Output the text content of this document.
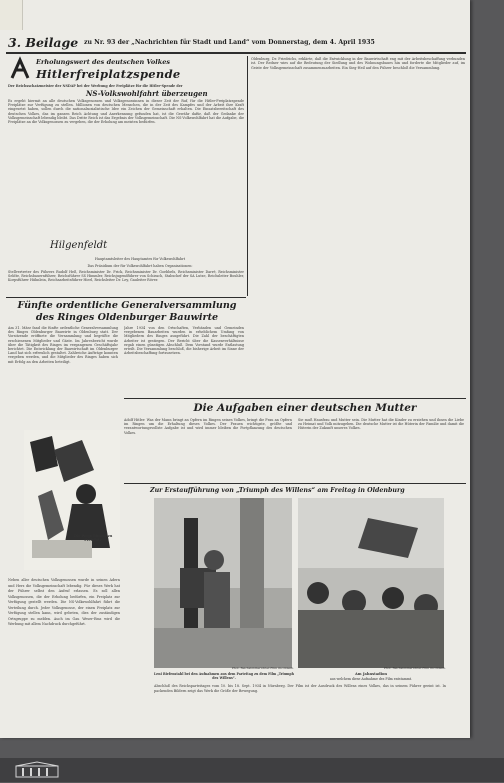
3. Beilage zu Nr. 93 der „Nachrichten für Stadt und Land“ vom Donnerstag, dem 4. April 1935
Erholungswert des deutschen Volkes
Hitlerfreiplatzspende
Der Reichsschatzmeister der NSDAP bei der Werbung der Freiplätze für die Hitler-Spende der
NS-Volkswohlfahrt überzeugen
Es ergeht hiermit an alle deutschen Volksgenossen und Volksgenossinnen in dieser Zeit der Ruf, für die Hitler-Freiplatzspende Freiplätze zur Verfügung zu stellen. Millionen von deutschen Menschen, die in der Zeit des Kampfes und der Arbeit ihre Kraft eingesetzt haben, sollen durch die nationalsozialistische Idee ein Zeichen der Gemeinschaft erhalten. Die Einsatzbereitschaft des deutschen Volkes, das im ganzen Reich Achtung und Anerkennung gefunden hat, ist die Gewähr dafür, daß der Gedanke der Volksgemeinschaft lebendig bleibt. Das Dritte Reich ist das Ergebnis der Volksgemeinschaft. Die NS-Volkswohlfahrt hat die Aufgabe, die Freiplätze an die Volksgenossen zu vergeben, die der Erholung am meisten bedürfen.
Hilgenfeldt
Hauptamtsleiter des Hauptamtes für Volkswohlfahrt
Das Präsidium der für Volkswohlfahrt haben Organisationen:
Stellvertreter des Führers Rudolf Heß, Reichsminister Dr. Frick, Reichsminister Dr. Goebbels, Reichsminister Darré, Reichsminister Seldte, Reichsbauernführer, Reichsführer SS Himmler, Reichsjugendführer von Schirach, Stabschef der SA Lutze, Reichsleiter Bouhler, Korpsführer Hühnlein, Reichsarbeitsführer Hierl, Reichsleiter Dr. Ley, Gauleiter Röver.
Oldenburg, Dr. Friedrichs, erklärte, daß die Entwicklung in der Bauwirtschaft eng mit der Arbeitsbeschaffung verbunden ist. Der Redner wies auf die Bedeutung der Siedlung und des Wohnungsbaues hin und forderte die Mitglieder auf, im Geiste der Volksgemeinschaft zusammenzuarbeiten. Ein Sieg-Heil auf den Führer beschloß die Versammlung.
Fünfte ordentliche Generalversammlung des Ringes Oldenburger Bauwirte
Am 31. März fand die fünfte ordentliche Generalversammlung des Ringes Oldenburger Bauwirte in Oldenburg statt. Der Vorsitzende eröffnete die Versammlung und begrüßte die erschienenen Mitglieder und Gäste. Im Jahresbericht wurde über die Tätigkeit des Ringes im vergangenen Geschäftsjahr berichtet. Die Entwicklung der Bauwirtschaft im Oldenburger Land hat sich erfreulich gestaltet. Zahlreiche Aufträge konnten vergeben werden, und die Mitglieder des Ringes haben sich mit Erfolg an den Arbeiten beteiligt.
Jahre 1934 von den Ortschaften, Verbänden und Gemeinden vergebenen Bauarbeiten wurden in erheblichem Umfang von Mitgliedern des Ringes ausgeführt. Die Zahl der beschäftigten Arbeiter ist gestiegen. Der Bericht über die Kassenverhältnisse ergab einen günstigen Abschluß. Dem Vorstand wurde Entlastung erteilt. Die Versammlung beschloß, die bisherige Arbeit im Sinne der Arbeitsbeschaffung fortzusetzen.
Die Aufgaben einer deutschen Mutter
Adolf Hitler: Was der Mann bringt an Opfern im Ringen seines Volkes, bringt die Frau an Opfern im Ringen um die Erhaltung dieses Volkes. Der Frauen wichtigste, größte und verantwortungsvollste Aufgabe ist und wird immer bleiben die Fortpflanzung des deutschen Volkes.
Sie muß Hausfrau und Mutter sein. Die Mutter hat die Kinder zu erziehen und ihnen die Liebe zu Heimat und Volk mitzugeben. Die deutsche Mutter ist die Hüterin der Familie und damit die Hüterin der Zukunft unseres Volkes.
Die Wege hinaus zu Freiplatz
Zur Erstaufführung von „Triumph des Willens“ am Freitag in Oldenburg
Phot. Reichsbildberichter-Film im Oldenb.
Leni Riefenstahl bei den Aufnahmen aus dem Parteitag zu dem Film „Triumph des Willens“.
Phot. Reichsbildberichter-Film im Oldenb.
Am Jahnstadion
aus welchem diese Aufnahme des Film entstammt.
Neben aller deutschen Volksgenossen wurde in seinen Adern und Herz die Volksgemeinschaft lebendig. Für dieses Werk hat der Führer selbst den Aufruf erlassen. Es soll allen Volksgenossen, die der Erholung bedürfen, ein Freiplatz zur Verfügung gestellt werden. Die NS-Volkswohlfahrt führt die Verteilung durch. Jeder Volksgenosse, der einen Freiplatz zur Verfügung stellen kann, wird gebeten, dies der zuständigen Ortsgruppe zu melden. Auch im Gau Weser-Ems wird die Werbung mit allem Nachdruck durchgeführt.
Abschluß des Reichsparteitages vom 10. bis 18. Sept. 1934 in Nürnberg. Der Film ist der Ausdruck des Willens eines Volkes, das in seinem Führer geeint ist. In packenden Bildern zeigt das Werk die Größe der Bewegung.
